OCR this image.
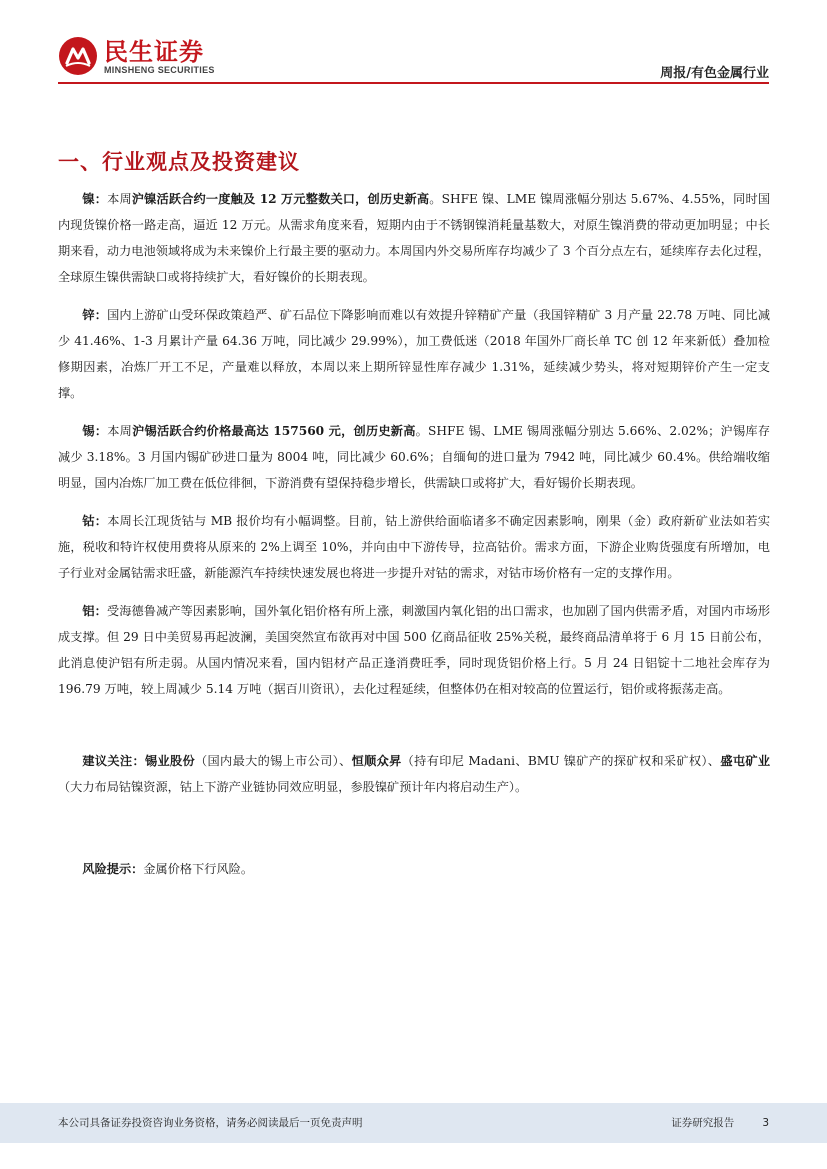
民生证券
MINSHENG SECURITIES	周报/有色金属行业
一、行业观点及投资建议

镍：本周沪镍活跃合约一度触及 12 万元整数关口，创历史新高。SHFE 镍、LME 镍周涨幅分别达 5.67%、4.55%，同时国内现货镍价格一路走高，逼近 12 万元。从需求角度来看，短期内由于不锈钢镍消耗量基数大，对原生镍消费的带动更加明显；中长期来看，动力电池领域将成为未来镍价上行最主要的驱动力。本周国内外交易所库存均减少了 3 个百分点左右，延续库存去化过程，全球原生镍供需缺口或将持续扩大，看好镍价的长期表现。

锌：国内上游矿山受环保政策趋严、矿石品位下降影响而难以有效提升锌精矿产量（我国锌精矿 3 月产量 22.78 万吨、同比减少 41.46%、1-3 月累计产量 64.36 万吨，同比减少 29.99%），加工费低迷（2018 年国外厂商长单 TC 创 12 年来新低）叠加检修期因素，冶炼厂开工不足，产量难以释放，本周以来上期所锌显性库存减少 1.31%，延续减少势头，将对短期锌价产生一定支撑。

锡：本周沪锡活跃合约价格最高达 157560 元，创历史新高。SHFE 锡、LME 锡周涨幅分别达 5.66%、2.02%；沪锡库存减少 3.18%。3 月国内锡矿砂进口量为 8004 吨，同比减少 60.6%；自缅甸的进口量为 7942 吨，同比减少 60.4%。供给端收缩明显，国内冶炼厂加工费在低位徘徊，下游消费有望保持稳步增长，供需缺口或将扩大，看好锡价长期表现。

钴：本周长江现货钴与 MB 报价均有小幅调整。目前，钴上游供给面临诸多不确定因素影响，刚果（金）政府新矿业法如若实施，税收和特许权使用费将从原来的 2%上调至 10%，并向由中下游传导，拉高钴价。需求方面，下游企业购货强度有所增加，电子行业对金属钴需求旺盛，新能源汽车持续快速发展也将进一步提升对钴的需求，对钴市场价格有一定的支撑作用。

铝：受海德鲁减产等因素影响，国外氧化铝价格有所上涨，刺激国内氧化铝的出口需求，也加剧了国内供需矛盾，对国内市场形成支撑。但 29 日中美贸易再起波澜，美国突然宣布欲再对中国 500 亿商品征收 25%关税，最终商品清单将于 6 月 15 日前公布，此消息使沪铝有所走弱。从国内情况来看，国内铝材产品正逢消费旺季，同时现货铝价格上行。5 月 24 日铝锭十二地社会库存为 196.79 万吨，较上周减少 5.14 万吨（据百川资讯），去化过程延续，但整体仍在相对较高的位置运行，铝价或将振荡走高。

建议关注：锡业股份（国内最大的锡上市公司）、恒顺众昇（持有印尼 Madani、BMU 镍矿产的探矿权和采矿权）、盛屯矿业（大力布局钴镍资源，钴上下游产业链协同效应明显，参股镍矿预计年内将启动生产）。

风险提示：金属价格下行风险。

本公司具备证券投资咨询业务资格，请务必阅读最后一页免责声明	证券研究报告	3
